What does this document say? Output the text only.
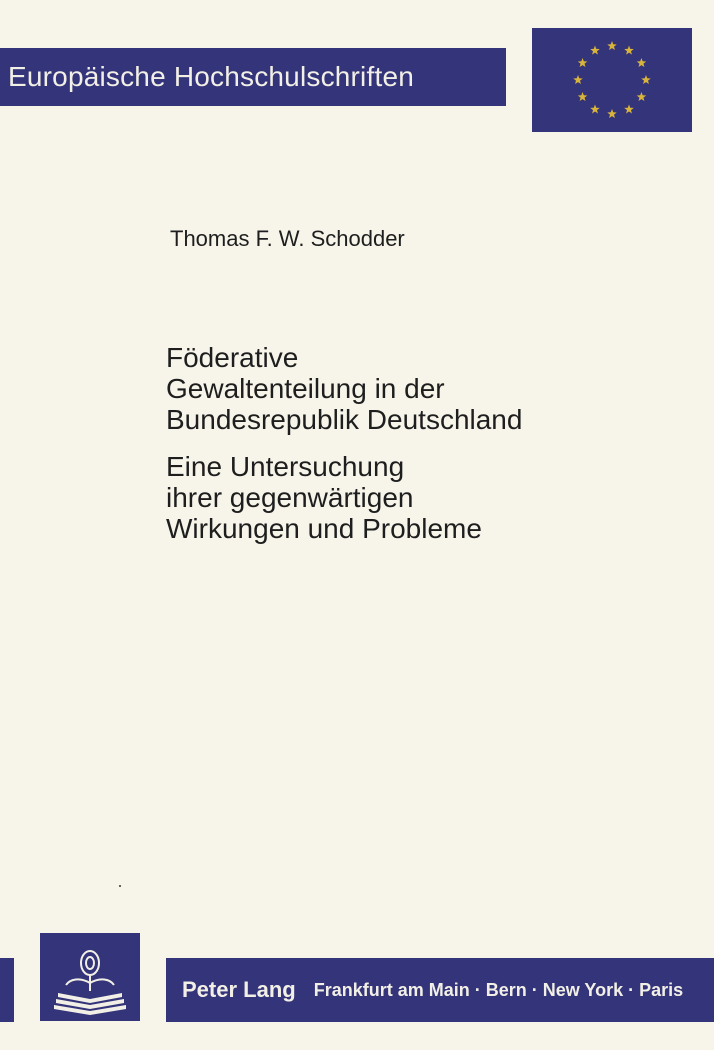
Europäische Hochschulschriften
Thomas F. W. Schodder
Föderative
Gewaltenteilung in der
Bundesrepublik Deutschland
Eine Untersuchung
ihrer gegenwärtigen
Wirkungen und Probleme
Peter Lang Frankfurt am Main · Bern · New York · Paris
